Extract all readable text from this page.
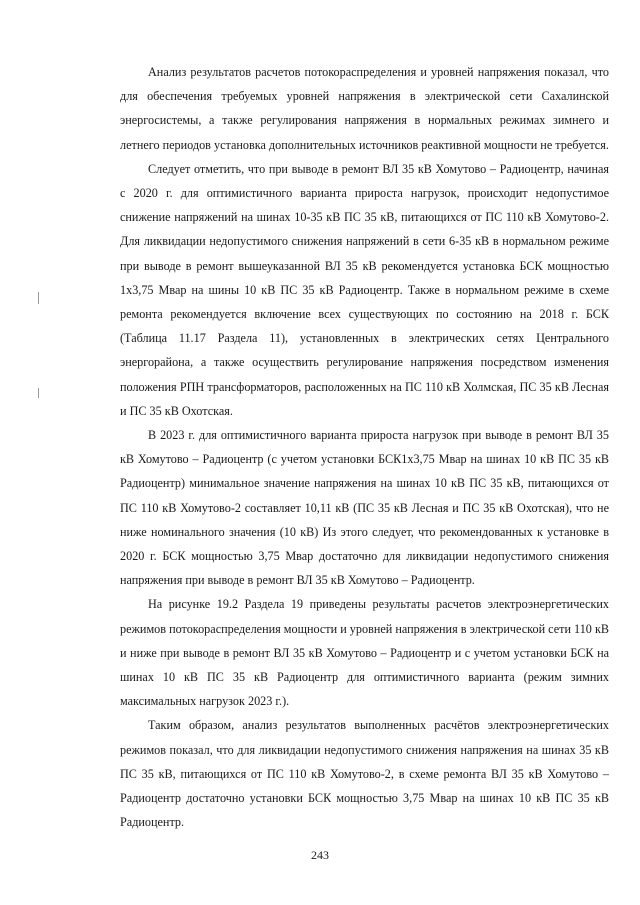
Анализ результатов расчетов потокораспределения и уровней напряжения показал, что для обеспечения требуемых уровней напряжения в электрической сети Сахалинской энергосистемы, а также регулирования напряжения в нормальных режимах зимнего и летнего периодов установка дополнительных источников реактивной мощности не требуется.

Следует отметить, что при выводе в ремонт ВЛ 35 кВ Хомутово – Радиоцентр, начиная с 2020 г. для оптимистичного варианта прироста нагрузок, происходит недопустимое снижение напряжений на шинах 10-35 кВ ПС 35 кВ, питающихся от ПС 110 кВ Хомутово-2. Для ликвидации недопустимого снижения напряжений в сети 6-35 кВ в нормальном режиме при выводе в ремонт вышеуказанной ВЛ 35 кВ рекомендуется установка БСК мощностью 1х3,75 Мвар на шины 10 кВ ПС 35 кВ Радиоцентр. Также в нормальном режиме в схеме ремонта рекомендуется включение всех существующих по состоянию на 2018 г. БСК (Таблица 11.17 Раздела 11), установленных в электрических сетях Центрального энергорайона, а также осуществить регулирование напряжения посредством изменения положения РПН трансформаторов, расположенных на ПС 110 кВ Холмская, ПС 35 кВ Лесная и ПС 35 кВ Охотская.

В 2023 г. для оптимистичного варианта прироста нагрузок при выводе в ремонт ВЛ 35 кВ Хомутово – Радиоцентр (с учетом установки БСК1х3,75 Мвар на шинах 10 кВ ПС 35 кВ Радиоцентр) минимальное значение напряжения на шинах 10 кВ ПС 35 кВ, питающихся от ПС 110 кВ Хомутово-2 составляет 10,11 кВ (ПС 35 кВ Лесная и ПС 35 кВ Охотская), что не ниже номинального значения (10 кВ) Из этого следует, что рекомендованных к установке в 2020 г. БСК мощностью 3,75 Мвар достаточно для ликвидации недопустимого снижения напряжения при выводе в ремонт ВЛ 35 кВ Хомутово – Радиоцентр.

На рисунке 19.2 Раздела 19 приведены результаты расчетов электроэнергетических режимов потокораспределения мощности и уровней напряжения в электрической сети 110 кВ и ниже при выводе в ремонт ВЛ 35 кВ Хомутово – Радиоцентр и с учетом установки БСК на шинах 10 кВ ПС 35 кВ Радиоцентр для оптимистичного варианта (режим зимних максимальных нагрузок 2023 г.).

Таким образом, анализ результатов выполненных расчётов электроэнергетических режимов показал, что для ликвидации недопустимого снижения напряжения на шинах 35 кВ ПС 35 кВ, питающихся от ПС 110 кВ Хомутово-2, в схеме ремонта ВЛ 35 кВ Хомутово – Радиоцентр достаточно установки БСК мощностью 3,75 Мвар на шинах 10 кВ ПС 35 кВ Радиоцентр.

243
